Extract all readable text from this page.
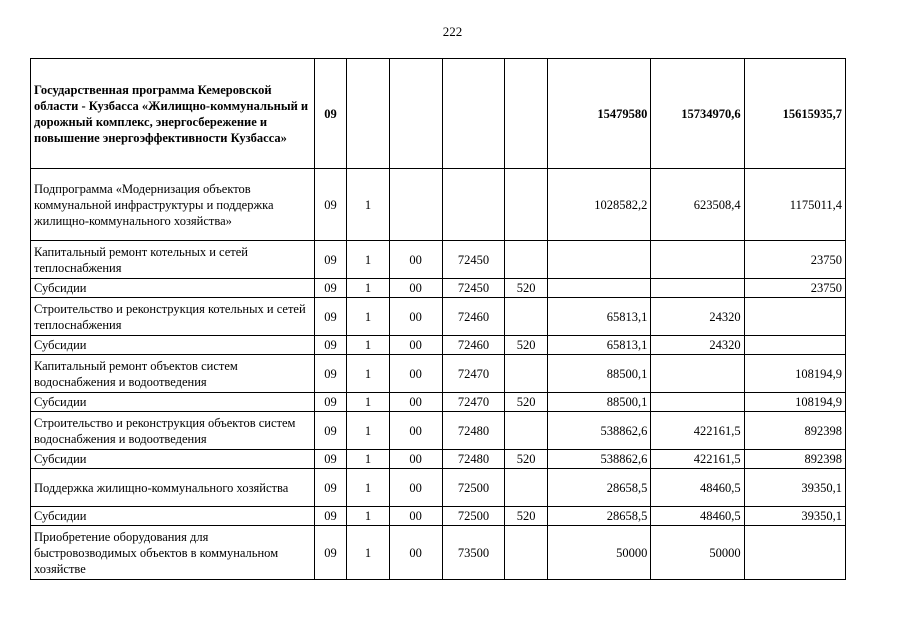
222
Государственная программа Кемеровской области - Кузбасса «Жилищно-коммунальный и дорожный комплекс, энергосбережение и повышение энергоэффективности Кузбасса»	09					15479580	15734970,6	15615935,7
Подпрограмма «Модернизация объектов коммунальной инфраструктуры и поддержка жилищно-коммунального хозяйства»	09	1				1028582,2	623508,4	1175011,4
Капитальный ремонт котельных и сетей теплоснабжения	09	1	00	72450				23750
Субсидии	09	1	00	72450	520			23750
Строительство и реконструкция котельных и сетей теплоснабжения	09	1	00	72460		65813,1	24320	
Субсидии	09	1	00	72460	520	65813,1	24320	
Капитальный ремонт объектов систем водоснабжения и водоотведения	09	1	00	72470		88500,1		108194,9
Субсидии	09	1	00	72470	520	88500,1		108194,9
Строительство и реконструкция объектов систем водоснабжения и водоотведения	09	1	00	72480		538862,6	422161,5	892398
Субсидии	09	1	00	72480	520	538862,6	422161,5	892398
Поддержка жилищно-коммунального хозяйства	09	1	00	72500		28658,5	48460,5	39350,1
Субсидии	09	1	00	72500	520	28658,5	48460,5	39350,1
Приобретение оборудования для быстровозводимых объектов в коммунальном хозяйстве	09	1	00	73500		50000	50000	
